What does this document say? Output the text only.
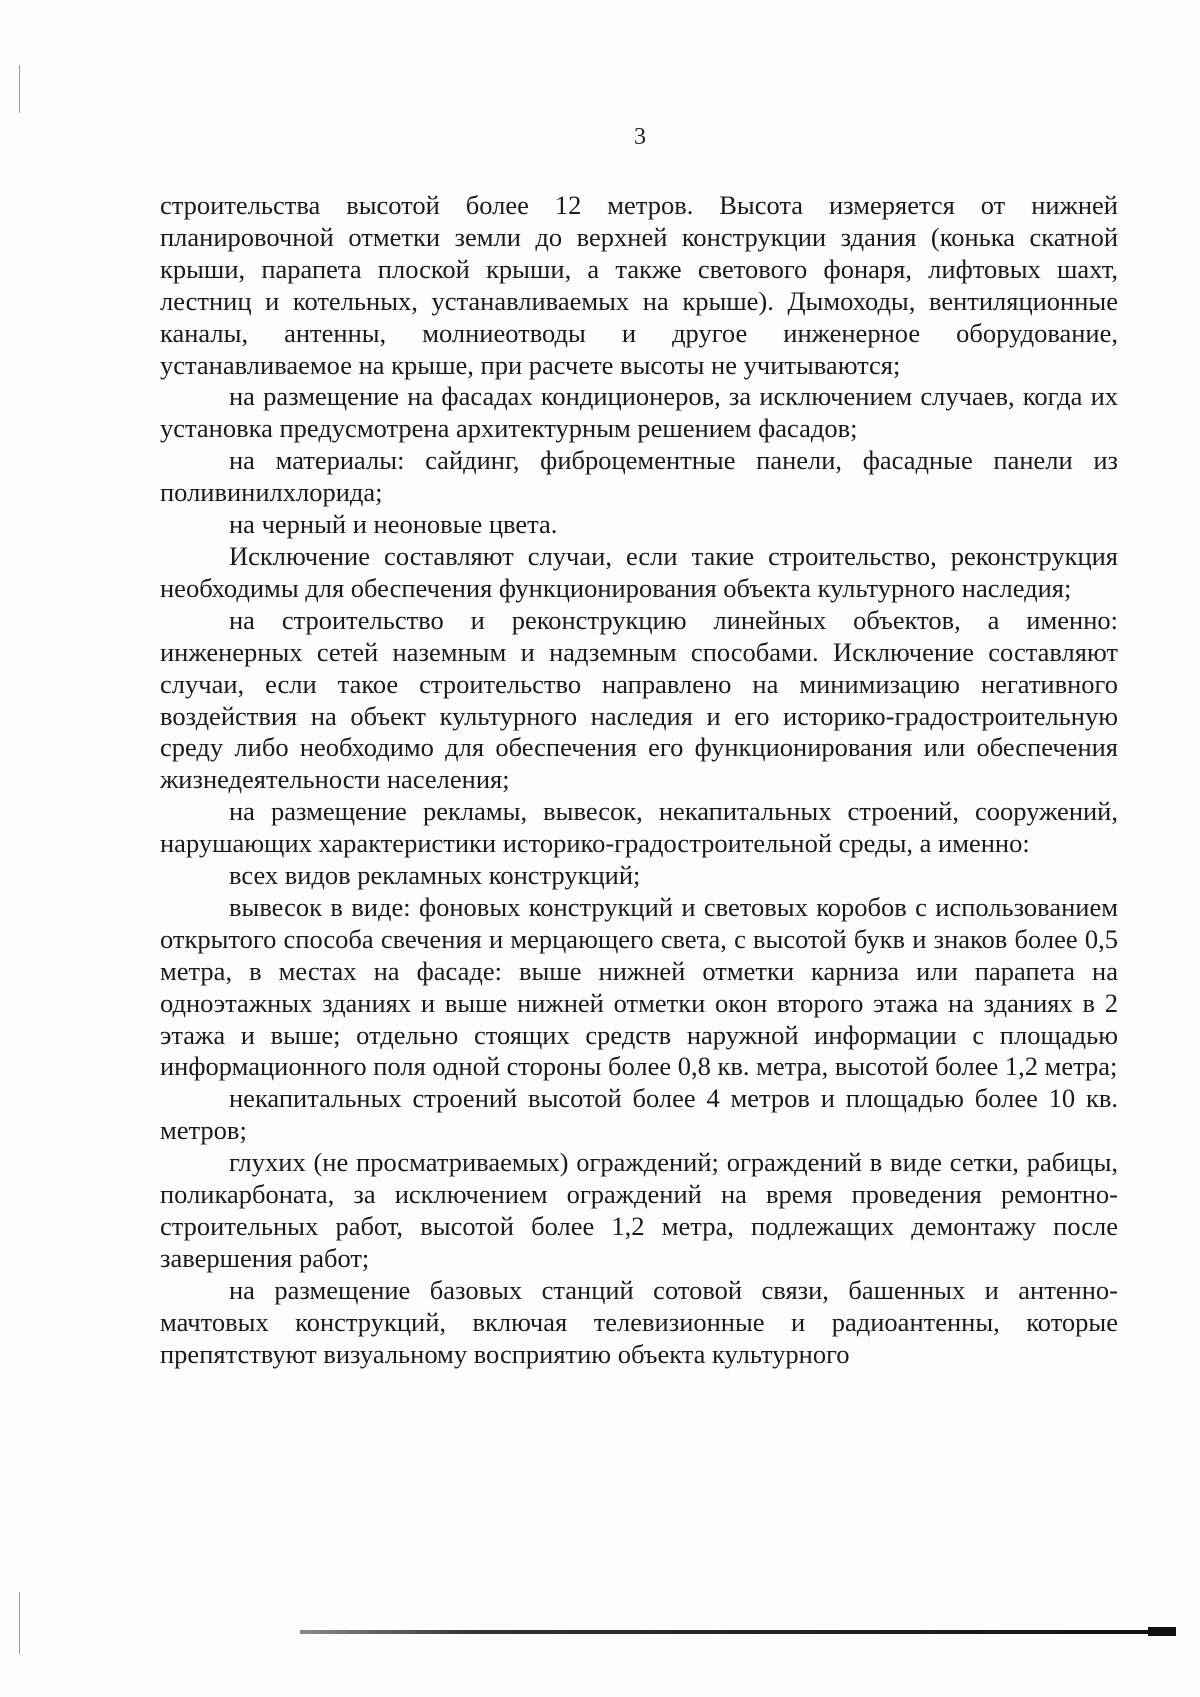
3

строительства высотой более 12 метров. Высота измеряется от нижней планировочной отметки земли до верхней конструкции здания (конька скатной крыши, парапета плоской крыши, а также светового фонаря, лифтовых шахт, лестниц и котельных, устанавливаемых на крыше). Дымоходы, вентиляционные каналы, антенны, молниеотводы и другое инженерное оборудование, устанавливаемое на крыше, при расчете высоты не учитываются;

на размещение на фасадах кондиционеров, за исключением случаев, когда их установка предусмотрена архитектурным решением фасадов;

на материалы: сайдинг, фиброцементные панели, фасадные панели из поливинилхлорида;

на черный и неоновые цвета.

Исключение составляют случаи, если такие строительство, реконструкция необходимы для обеспечения функционирования объекта культурного наследия;

на строительство и реконструкцию линейных объектов, а именно: инженерных сетей наземным и надземным способами. Исключение составляют случаи, если такое строительство направлено на минимизацию негативного воздействия на объект культурного наследия и его историко-градостроительную среду либо необходимо для обеспечения его функционирования или обеспечения жизнедеятельности населения;

на размещение рекламы, вывесок, некапитальных строений, сооружений, нарушающих характеристики историко-градостроительной среды, а именно:

всех видов рекламных конструкций;

вывесок в виде: фоновых конструкций и световых коробов с использованием открытого способа свечения и мерцающего света, с высотой букв и знаков более 0,5 метра, в местах на фасаде: выше нижней отметки карниза или парапета на одноэтажных зданиях и выше нижней отметки окон второго этажа на зданиях в 2 этажа и выше; отдельно стоящих средств наружной информации с площадью информационного поля одной стороны более 0,8 кв. метра, высотой более 1,2 метра;

некапитальных строений высотой более 4 метров и площадью более 10 кв. метров;

глухих (не просматриваемых) ограждений; ограждений в виде сетки, рабицы, поликарбоната, за исключением ограждений на время проведения ремонтно-строительных работ, высотой более 1,2 метра, подлежащих демонтажу после завершения работ;

на размещение базовых станций сотовой связи, башенных и антенно-мачтовых конструкций, включая телевизионные и радиоантенны, которые препятствуют визуальному восприятию объекта культурного
